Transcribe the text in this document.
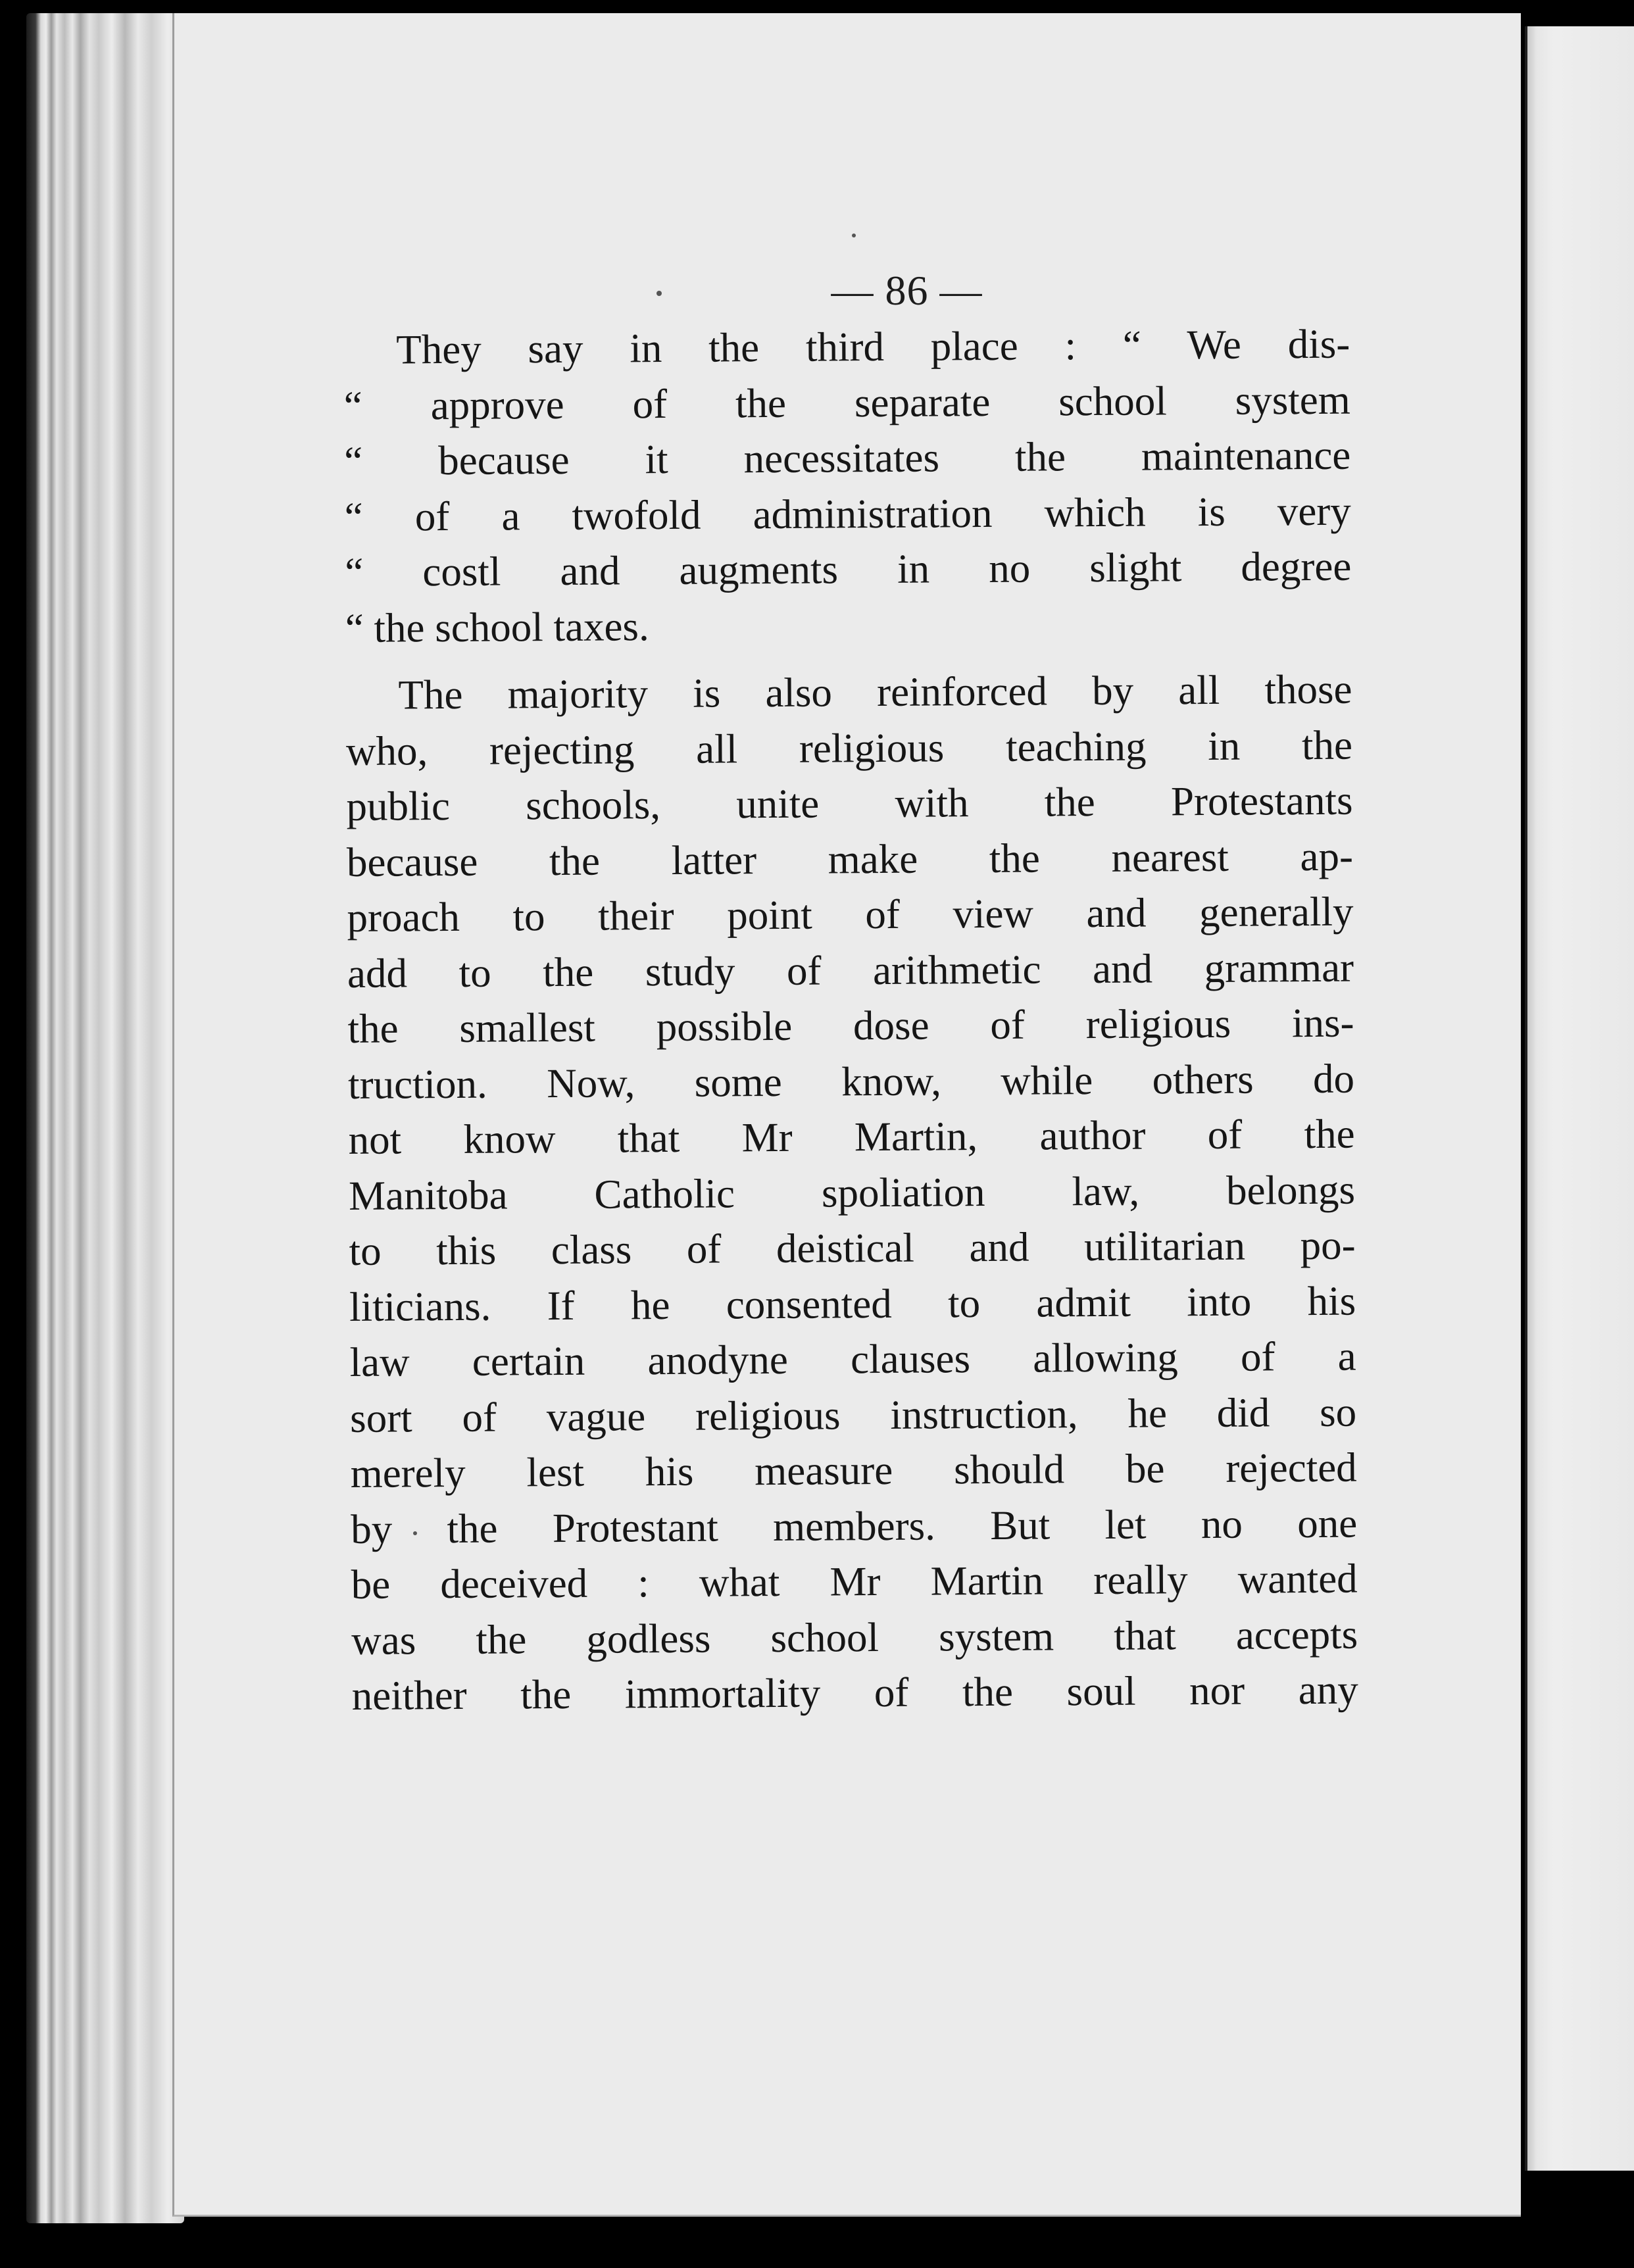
— 86 —
They say in the third place : “ We dis-
“ approve of the separate school system
“ because it necessitates the maintenance
“ of a twofold administration which is very
“ costl and augments in no slight degree
“ the school taxes.
The majority is also reinforced by all those
who, rejecting all religious teaching in the
public schools, unite with the Protestants
because the latter make the nearest ap-
proach to their point of view and generally
add to the study of arithmetic and grammar
the smallest possible dose of religious ins-
truction. Now, some know, while others do
not know that Mr Martin, author of the
Manitoba Catholic spoliation law, belongs
to this class of deistical and utilitarian po-
liticians. If he consented to admit into his
law certain anodyne clauses allowing of a
sort of vague religious instruction, he did so
merely lest his measure should be rejected
by the Protestant members. But let no one
be deceived : what Mr Martin really wanted
was the godless school system that accepts
neither the immortality of the soul nor any
